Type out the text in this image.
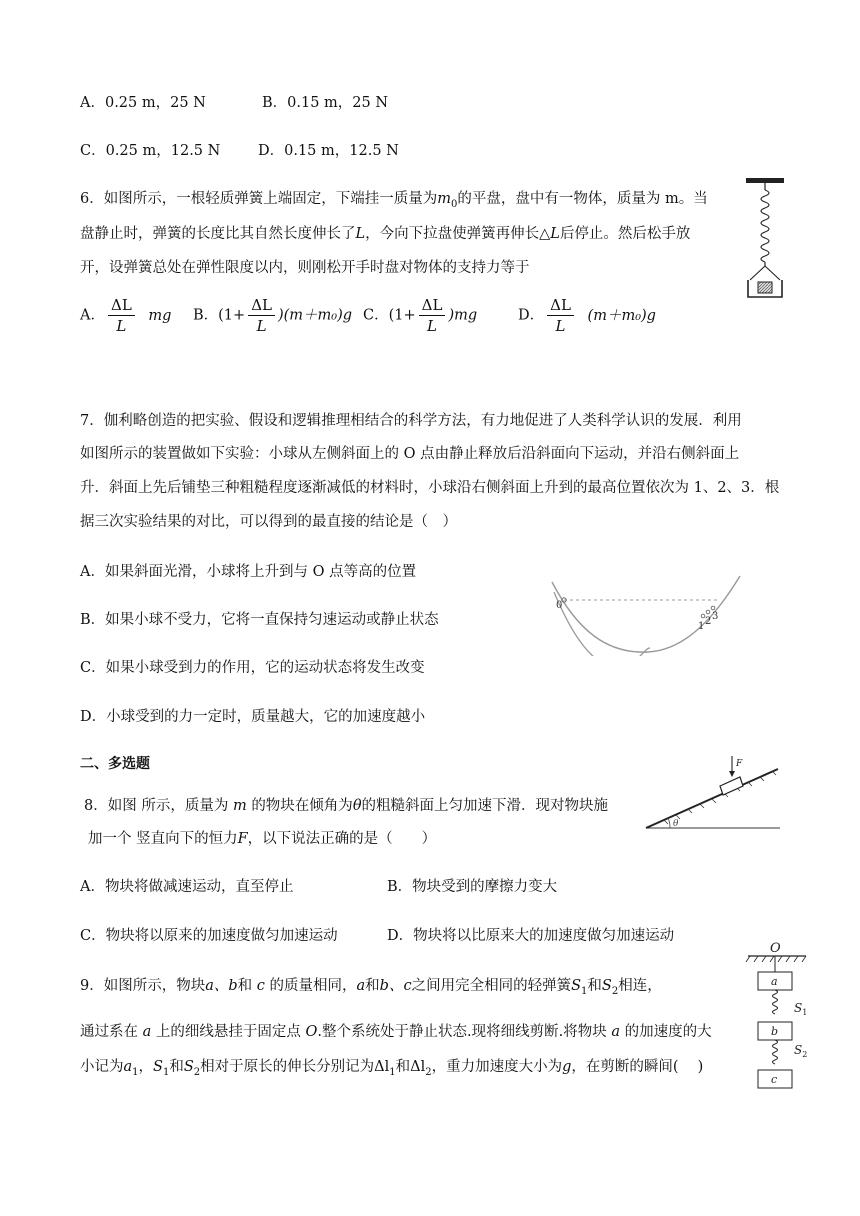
A．0.25 m，25 N	B．0.15 m，25 N
C．0.25 m，12.5 N	D．0.15 m，12.5 N
6．如图所示，一根轻质弹簧上端固定，下端挂一质量为$m_0$的平盘，盘中有一物体，质量为 m。当
盘静止时，弹簧的长度比其自然长度伸长了L，今向下拉盘使弹簧再伸长△L后停止。然后松手放
开，设弹簧总处在弹性限度以内，则刚松开手时盘对物体的支持力等于
A． $\frac{\Delta L}{L}$ mg B．$(1+ \frac{\Delta L}{L} )(m+m_0)g$ C．$(1+ \frac{\Delta L}{L} )mg$	D． $\frac{\Delta L}{L} (m+m_0)g$
7．伽利略创造的把实验、假设和逻辑推理相结合的科学方法，有力地促进了人类科学认识的发展．利用
如图所示的装置做如下实验：小球从左侧斜面上的 O 点由静止释放后沿斜面向下运动，并沿右侧斜面上
升．斜面上先后铺垫三种粗糙程度逐渐减低的材料时，小球沿右侧斜面上升到的最高位置依次为 1、2、3．根
据三次实验结果的对比，可以得到的最直接的结论是（　）
A．如果斜面光滑，小球将上升到与 O 点等高的位置
B．如果小球不受力，它将一直保持匀速运动或静止状态
C．如果小球受到力的作用，它的运动状态将发生改变
D．小球受到的力一定时，质量越大，它的加速度越小
0
1 2 3
二、多选题
8．如图 所示，质量为 m 的物块在倾角为θ的粗糙斜面上匀加速下滑．现对物块施
加一个 竖直向下的恒力F，以下说法正确的是（　　）
A．物块将做减速运动，直至停止	B．物块受到的摩擦力变大
C．物块将以原来的加速度做匀加速运动	D．物块将以比原来大的加速度做匀加速运动
F
θ
9．如图所示，物块a、b和 c 的质量相同，a和b、c之间用完全相同的轻弹簧$S_1$和$S_2$相连，
通过系在 a 上的细线悬挂于固定点 O.整个系统处于静止状态.现将细线剪断.将物块 a 的加速度的大
小记为$a_1$，$S_1$和$S_2$相对于原长的伸长分别记为$\Delta l_1$和$\Delta l_2$，重力加速度大小为g，在剪断的瞬间(　 )
O
a
$S_1$
b
$S_2$
c
